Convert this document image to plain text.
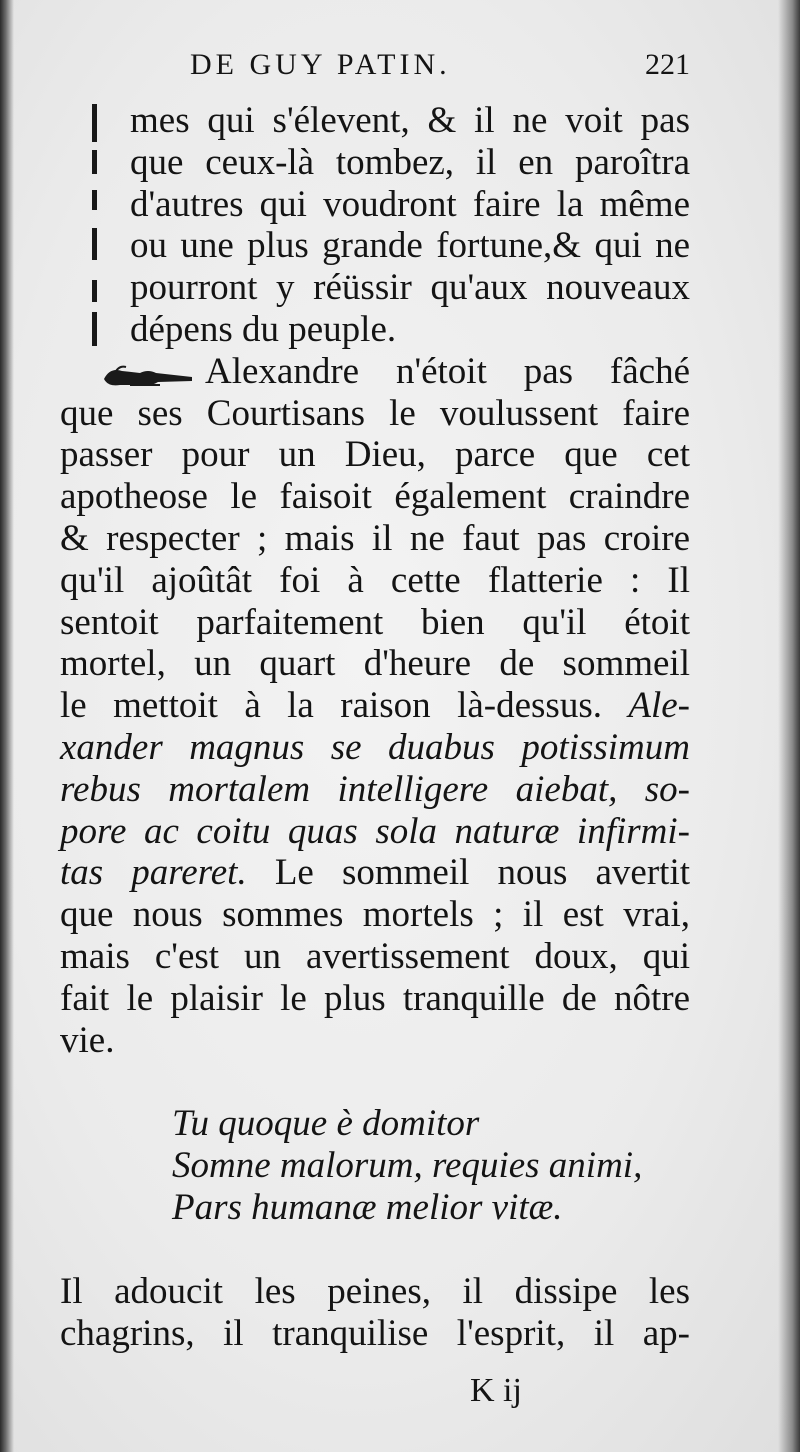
DE GUY PATIN.	221
mes qui s'élevent, & il ne voit pas
que ceux-là tombez, il en paroîtra
d'autres qui voudront faire la même
ou une plus grande fortune,& qui ne
pourront y réüssir qu'aux nouveaux
dépens du peuple.
Alexandre n'étoit pas fâché
que ses Courtisans le voulussent faire
passer pour un Dieu, parce que cet
apotheose le faisoit également craindre
& respecter ; mais il ne faut pas croire
qu'il ajoûtât foi à cette flatterie : Il
sentoit parfaitement bien qu'il étoit
mortel, un quart d'heure de sommeil
le mettoit à la raison là-dessus. Ale-
xander magnus se duabus potissimum
rebus mortalem intelligere aiebat, so-
pore ac coitu quas sola naturæ infirmi-
tas pareret. Le sommeil nous avertit
que nous sommes mortels ; il est vrai,
mais c'est un avertissement doux, qui
fait le plaisir le plus tranquille de nôtre
vie.
Tu quoque è domitor
Somne malorum, requies animi,
Pars humanæ melior vitæ.
Il adoucit les peines, il dissipe les
chagrins, il tranquilise l'esprit, il ap-
K ij
